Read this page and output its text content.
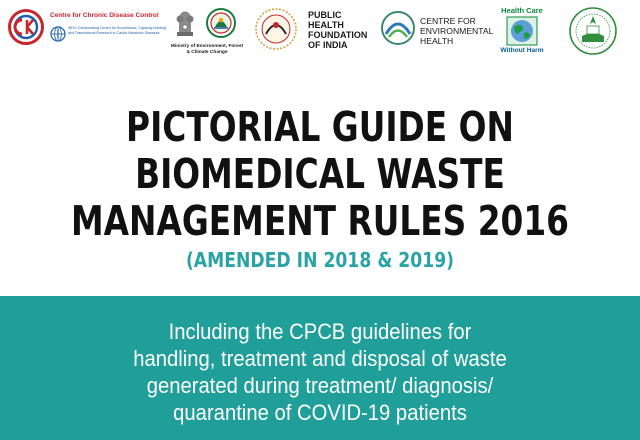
Centre for Chronic Disease Control
WHO Collaborating Centre for Surveillance, Capacity building and Translational Research in Cardio-Metabolic Diseases
Ministry of Environment, Forest & Climate Change
PUBLIC
HEALTH
FOUNDATION
OF INDIA
CENTRE FOR
ENVIRONMENTAL
HEALTH
Health Care
Without Harm
PICTORIAL GUIDE ON
BIOMEDICAL WASTE
MANAGEMENT RULES 2016
(AMENDED IN 2018 & 2019)
Including the CPCB guidelines for
handling, treatment and disposal of waste
generated during treatment/ diagnosis/
quarantine of COVID-19 patients
